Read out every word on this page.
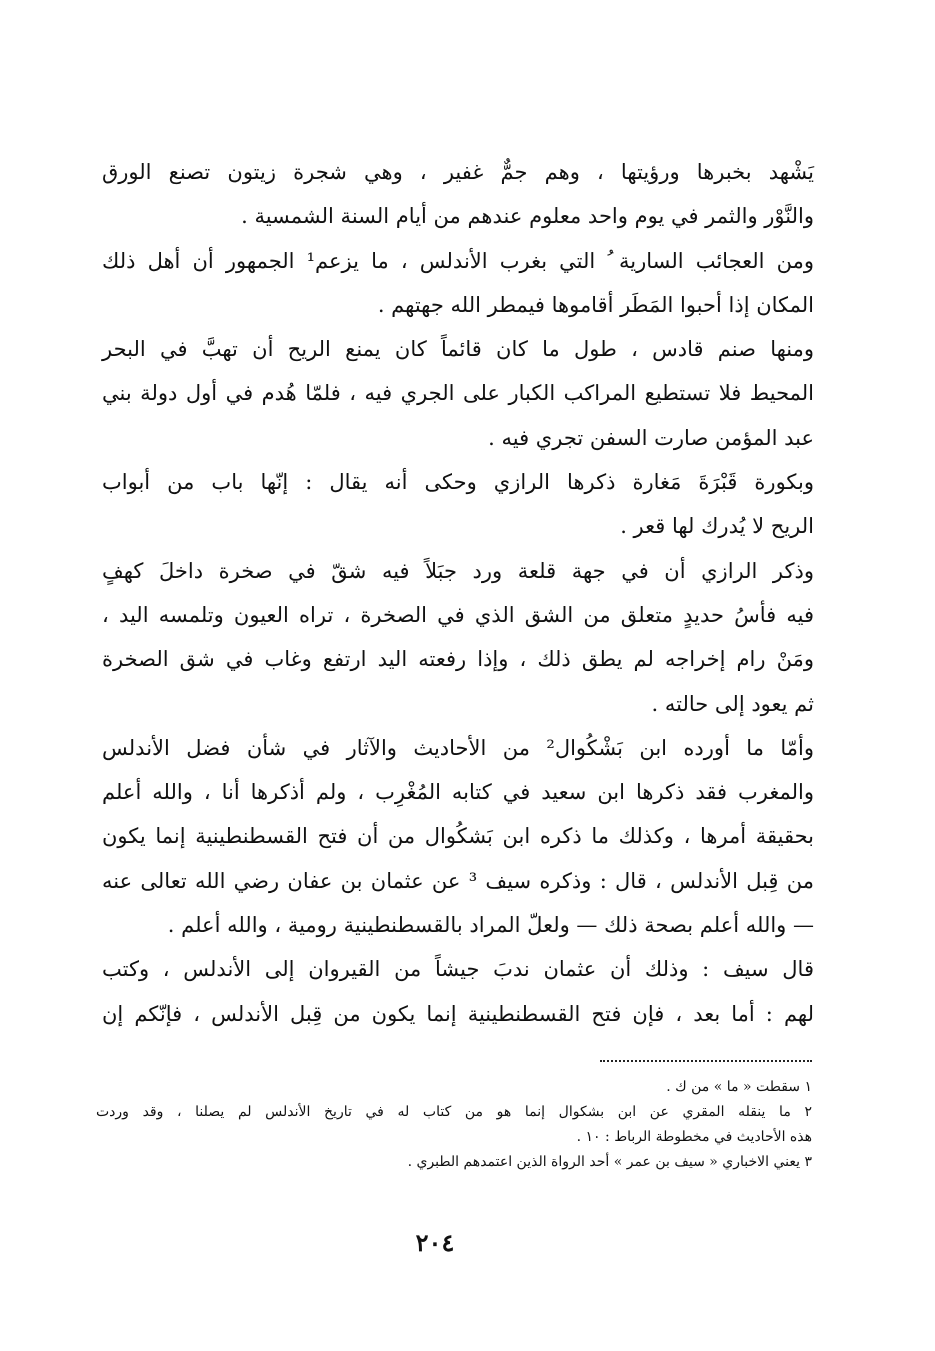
يَشْهد بخبرها ورؤيتها ، وهم جمٌّ غفير ، وهي شجرة زيتون تصنع الورق
والنَّوْر والثمر في يوم واحد معلوم عندهم من أيام السنة الشمسية .
ومن العجائب السارية ُ التي بغرب الأندلس ، ما يزعم¹ الجمهور أن أهل ذلك
المكان إذا أحبوا المَطَر أقاموها فيمطر الله جهتهم .
ومنها صنم قادس ، طول ما كان قائماً كان يمنع الريح أن تهبَّ في البحر
المحيط فلا تستطيع المراكب الكبار على الجري فيه ، فلمّا هُدم في أول دولة بني
عبد المؤمن صارت السفن تجري فيه .
وبكورة قَبْرَةَ مَغارة ذكرها الرازي وحكى أنه يقال : إنّها باب من أبواب
الريح لا يُدرك لها قعر .
وذكر الرازي أن في جهة قلعة ورد جبَلاً فيه شقّ في صخرة داخلَ كهفٍ
فيه فأسُ حديدٍ متعلق من الشق الذي في الصخرة ، تراه العيون وتلمسه اليد ،
ومَنْ رام إخراجه لم يطق ذلك ، وإذا رفعته اليد ارتفع وغاب في شق الصخرة
ثم يعود إلى حالته .
وأمّا ما أورده ابن بَشْكُوال² من الأحاديث والآثار في شأن فضل الأندلس
والمغرب فقد ذكرها ابن سعيد في كتابه المُغْرِب ، ولم أذكرها أنا ، والله أعلم
بحقيقة أمرها ، وكذلك ما ذكره ابن بَشكُوال من أن فتح القسطنطينية إنما يكون
من قِبل الأندلس ، قال : وذكره سيف ³ عن عثمان بن عفان رضي الله تعالى عنه
— والله أعلم بصحة ذلك — ولعلّ المراد بالقسطنطينية رومية ، والله أعلم .
قال سيف : وذلك أن عثمان ندبَ جيشاً من القيروان إلى الأندلس ، وكتب
لهم : أما بعد ، فإن فتح القسطنطينية إنما يكون من قِبل الأندلس ، فإنّكم إن
١ سقطت « ما » من ك .
٢ ما ينقله المقري عن ابن بشكوال إنما هو من كتاب له في تاريخ الأندلس لم يصلنا ، وقد وردت
هذه الأحاديث في مخطوطة الرباط : ١٠ .
٣ يعني الاخباري « سيف بن عمر » أحد الرواة الذين اعتمدهم الطبري .
٢٠٤
